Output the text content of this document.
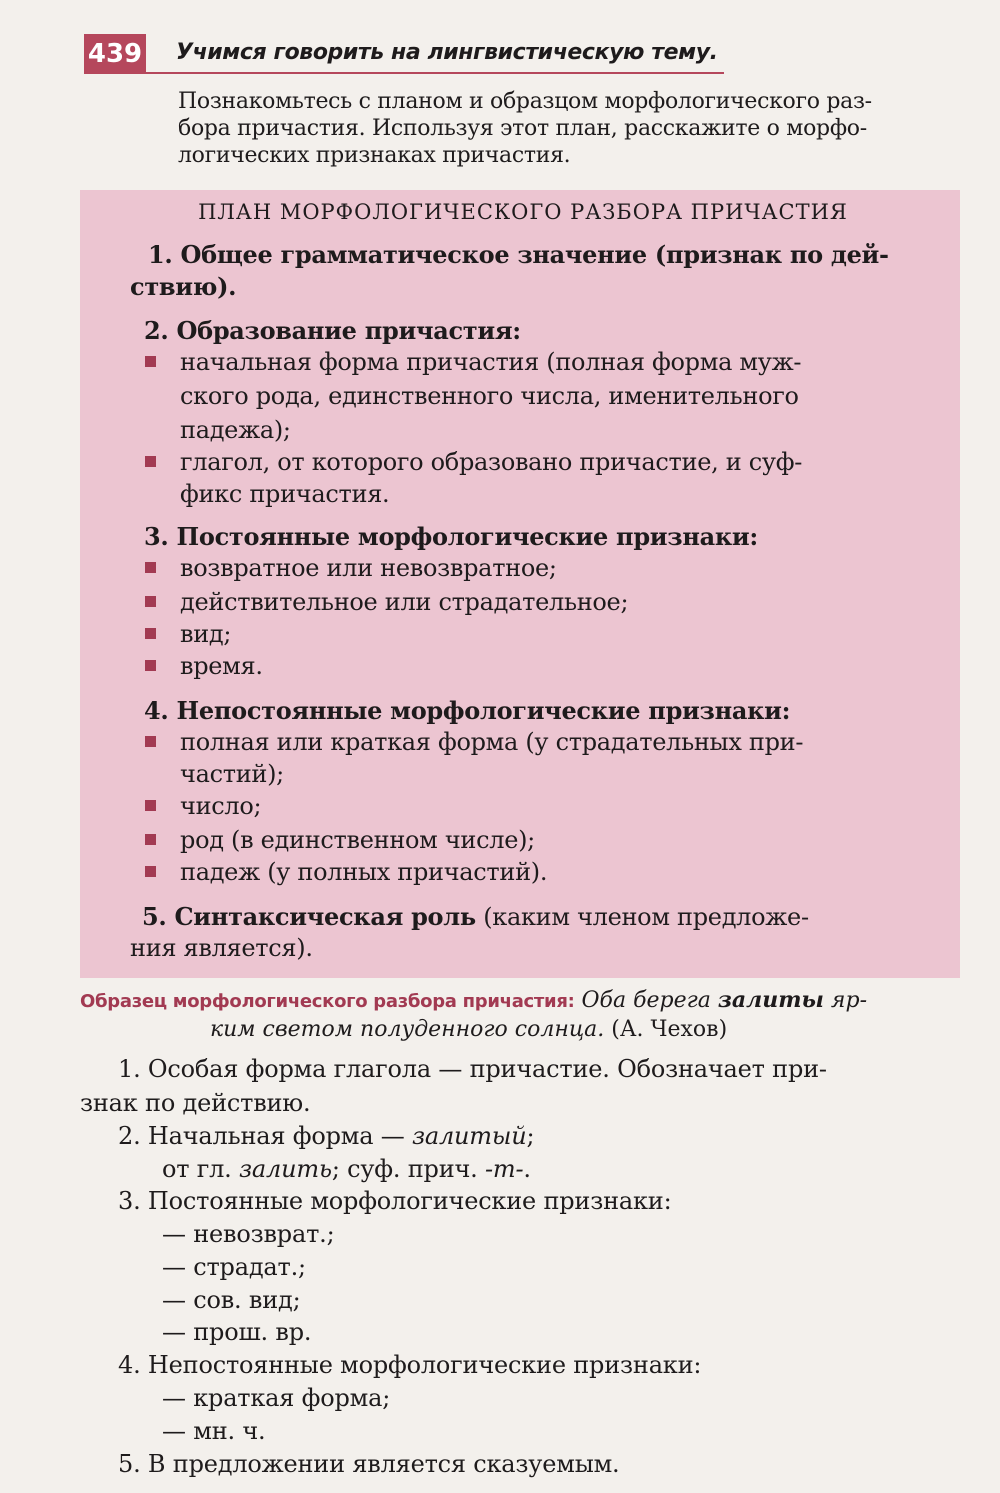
439 Учимся говорить на лингвистическую тему.
Познакомьтесь с планом и образцом морфологического раз-
бора причастия. Используя этот план, расскажите о морфо-
логических признаках причастия.
ПЛАН МОРФОЛОГИЧЕСКОГО РАЗБОРА ПРИЧАСТИЯ
1. Общее грамматическое значение (признак по дей-
ствию).
2. Образование причастия:
начальная форма причастия (полная форма муж-
ского рода, единственного числа, именительного
падежа);
глагол, от которого образовано причастие, и суф-
фикс причастия.
3. Постоянные морфологические признаки:
возвратное или невозвратное;
действительное или страдательное;
вид;
время.
4. Непостоянные морфологические признаки:
полная или краткая форма (у страдательных при-
частий);
число;
род (в единственном числе);
падеж (у полных причастий).
5. Синтаксическая роль (каким членом предложе-
ния является).
Образец морфологического разбора причастия: Оба берега залиты яр-
ким светом полуденного солнца. (А. Чехов)
1. Особая форма глагола — причастие. Обозначает при-
знак по действию.
2. Начальная форма — залитый;
от гл. залить; суф. прич. -т-.
3. Постоянные морфологические признаки:
— невозврат.;
— страдат.;
— сов. вид;
— прош. вр.
4. Непостоянные морфологические признаки:
— краткая форма;
— мн. ч.
5. В предложении является сказуемым.
